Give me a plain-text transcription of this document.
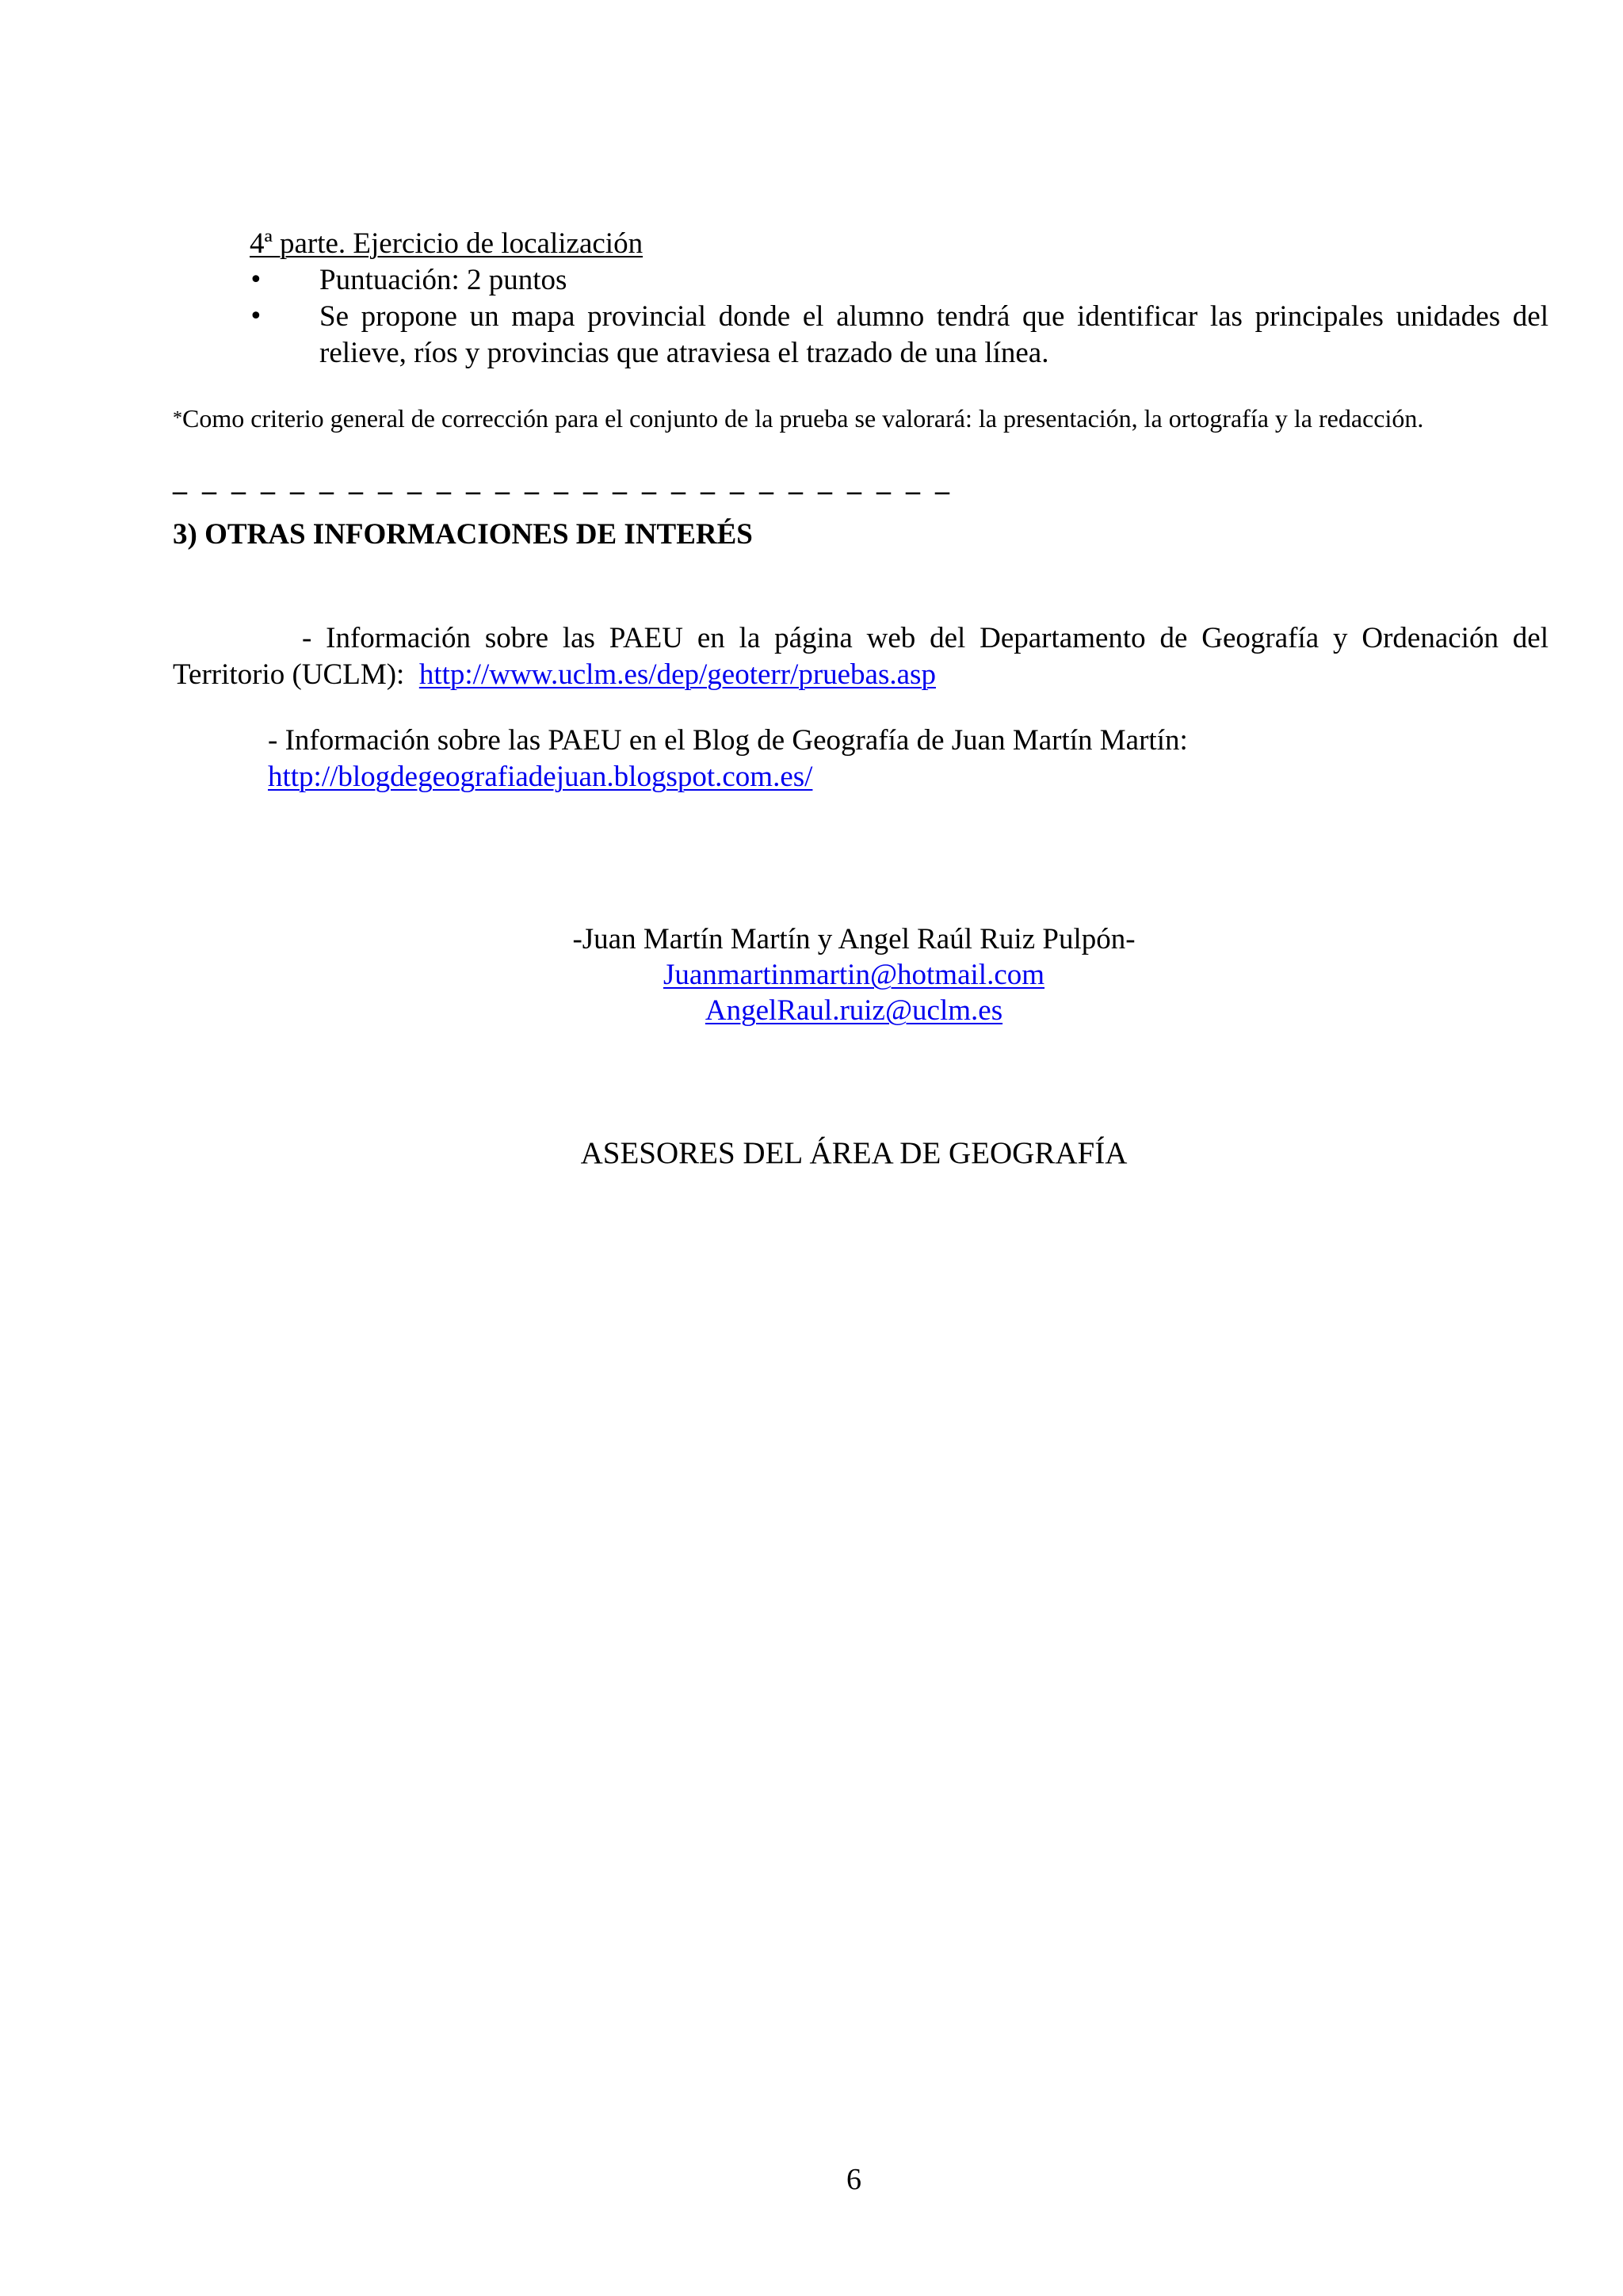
4ª parte. Ejercicio de localización
• Puntuación: 2 puntos
• Se propone un mapa provincial donde el alumno tendrá que identificar las principales unidades del relieve, ríos y provincias que atraviesa el trazado de una línea.
*Como criterio general de corrección para el conjunto de la prueba se valorará: la presentación, la ortografía y la redacción.
_ _ _ _ _ _ _ _ _ _ _ _ _ _ _ _ _ _ _ _ _ _ _ _ _ _ _
3) OTRAS INFORMACIONES DE INTERÉS
- Información sobre las PAEU en la página web del Departamento de Geografía y Ordenación del Territorio (UCLM): http://www.uclm.es/dep/geoterr/pruebas.asp
- Información sobre las PAEU en el Blog de Geografía de Juan Martín Martín:
http://blogdegeografiadejuan.blogspot.com.es/
-Juan Martín Martín y Angel Raúl Ruiz Pulpón-
Juanmartinmartin@hotmail.com
AngelRaul.ruiz@uclm.es
ASESORES DEL ÁREA DE GEOGRAFÍA
6
